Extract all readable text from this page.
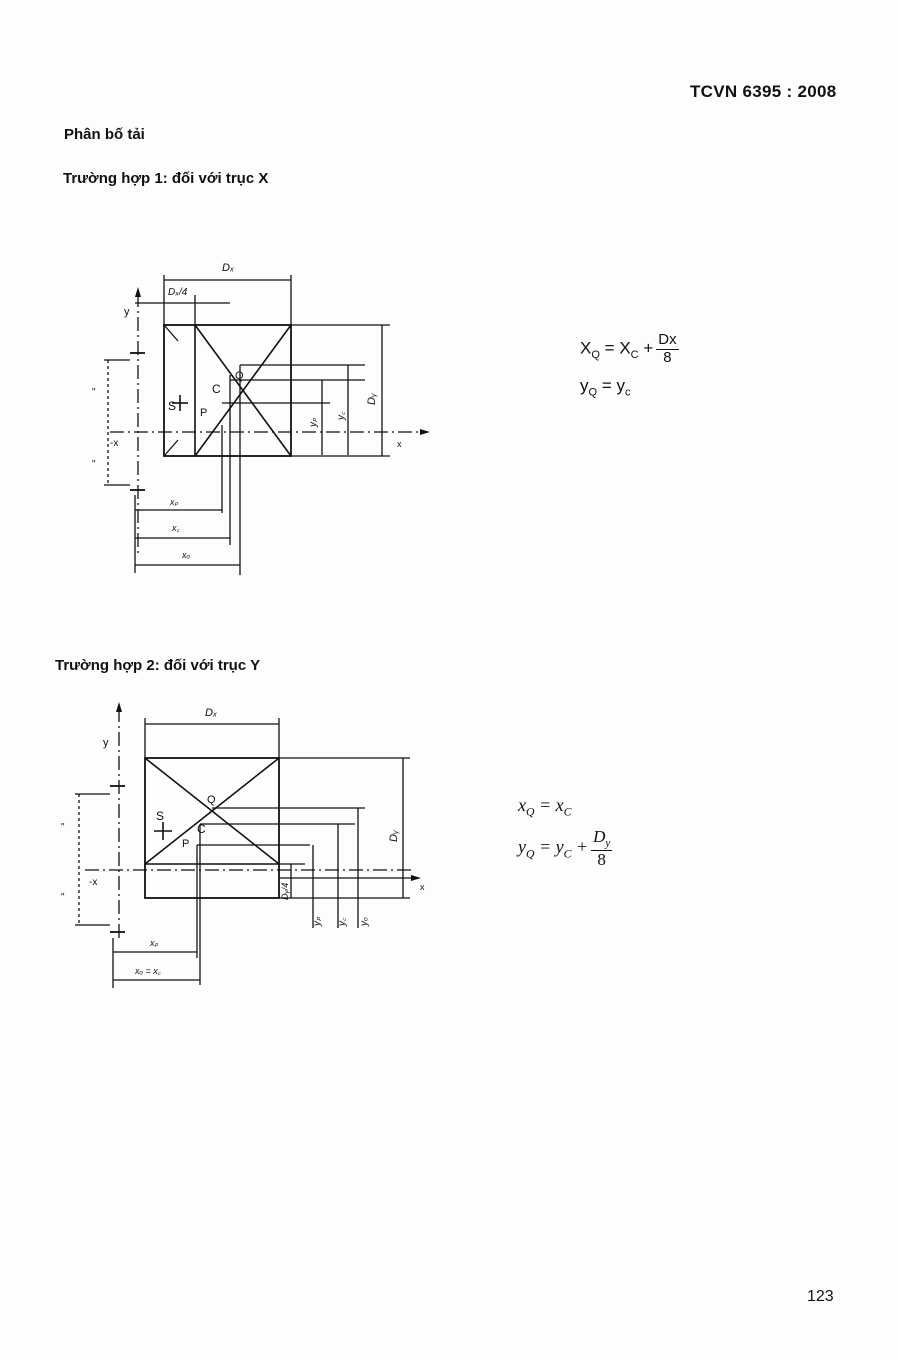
TCVN 6395 : 2008
Phân bố tải
Trường hợp 1: đối với trục X
Dₓ
Dₓ/4
y
x
-x
S
C
Q
P
xₚ
x꜀
xₒ
yₚ
y꜀
Dᵧ
"
"
$X_Q = X_C + \frac{Dx}{8}$
$y_Q = y_c$
Trường hợp 2: đối với trục Y
Dₓ
y
x
-x
S
C
Q
P
xₚ
xₒ = x꜀
yₚ y꜀ yₒ
Dᵧ
Dᵧ/4
"
"
$x_Q = x_C$
$y_Q = y_C + \frac{D_y}{8}$
123
